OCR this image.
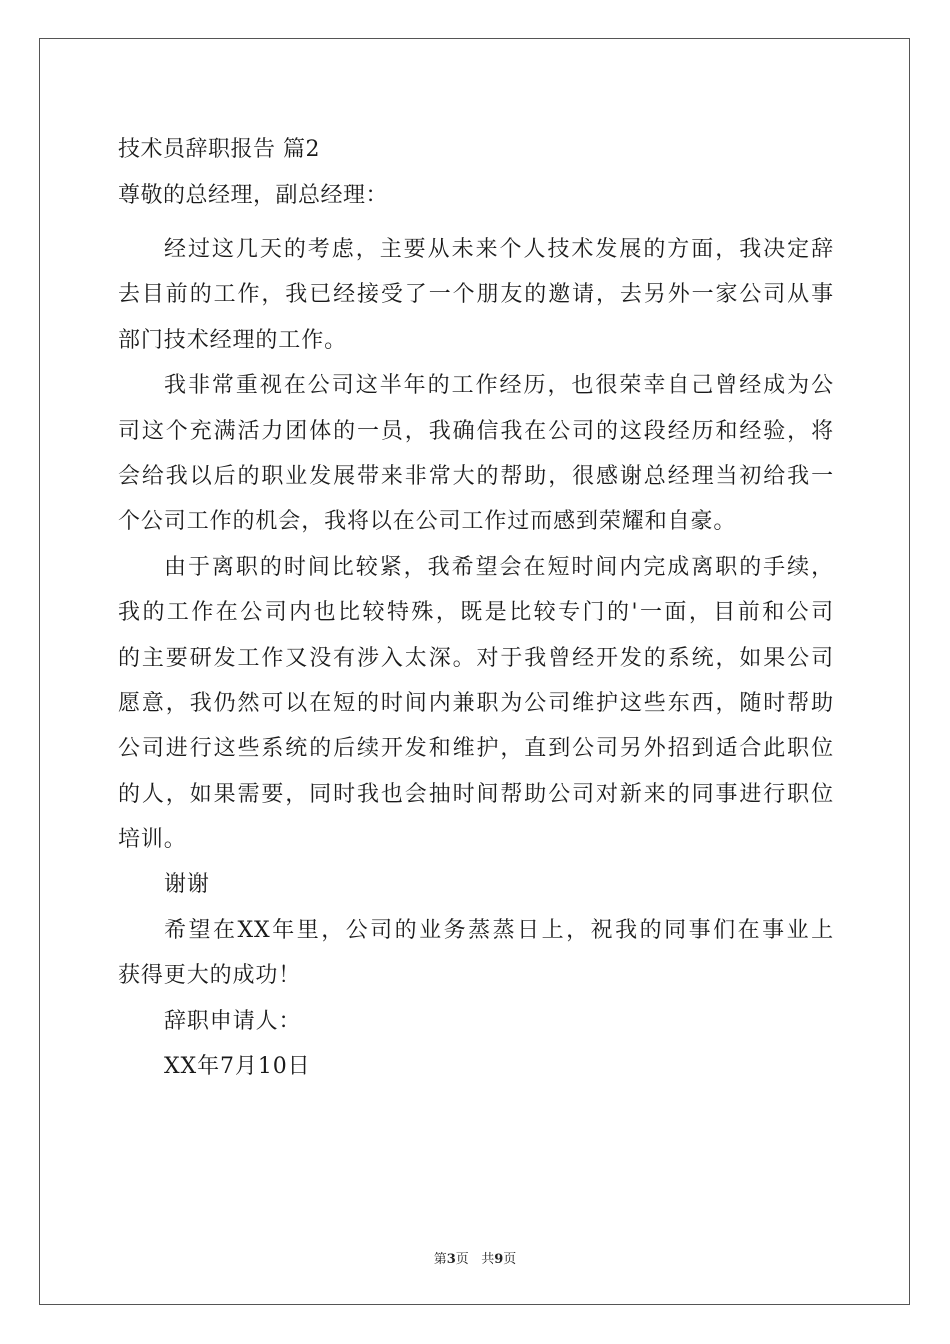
技术员辞职报告 篇2
尊敬的总经理，副总经理：
经过这几天的考虑，主要从未来个人技术发展的方面，我决定辞
去目前的工作，我已经接受了一个朋友的邀请，去另外一家公司从事
部门技术经理的工作。
我非常重视在公司这半年的工作经历，也很荣幸自己曾经成为公
司这个充满活力团体的一员，我确信我在公司的这段经历和经验，将
会给我以后的职业发展带来非常大的帮助，很感谢总经理当初给我一
个公司工作的机会，我将以在公司工作过而感到荣耀和自豪。
由于离职的时间比较紧，我希望会在短时间内完成离职的手续，
我的工作在公司内也比较特殊，既是比较专门的'一面，目前和公司
的主要研发工作又没有涉入太深。对于我曾经开发的系统，如果公司
愿意，我仍然可以在短的时间内兼职为公司维护这些东西，随时帮助
公司进行这些系统的后续开发和维护，直到公司另外招到适合此职位
的人，如果需要，同时我也会抽时间帮助公司对新来的同事进行职位
培训。
谢谢
希望在XX年里，公司的业务蒸蒸日上，祝我的同事们在事业上
获得更大的成功！
辞职申请人：
XX年7月10日
第3页 共9页
